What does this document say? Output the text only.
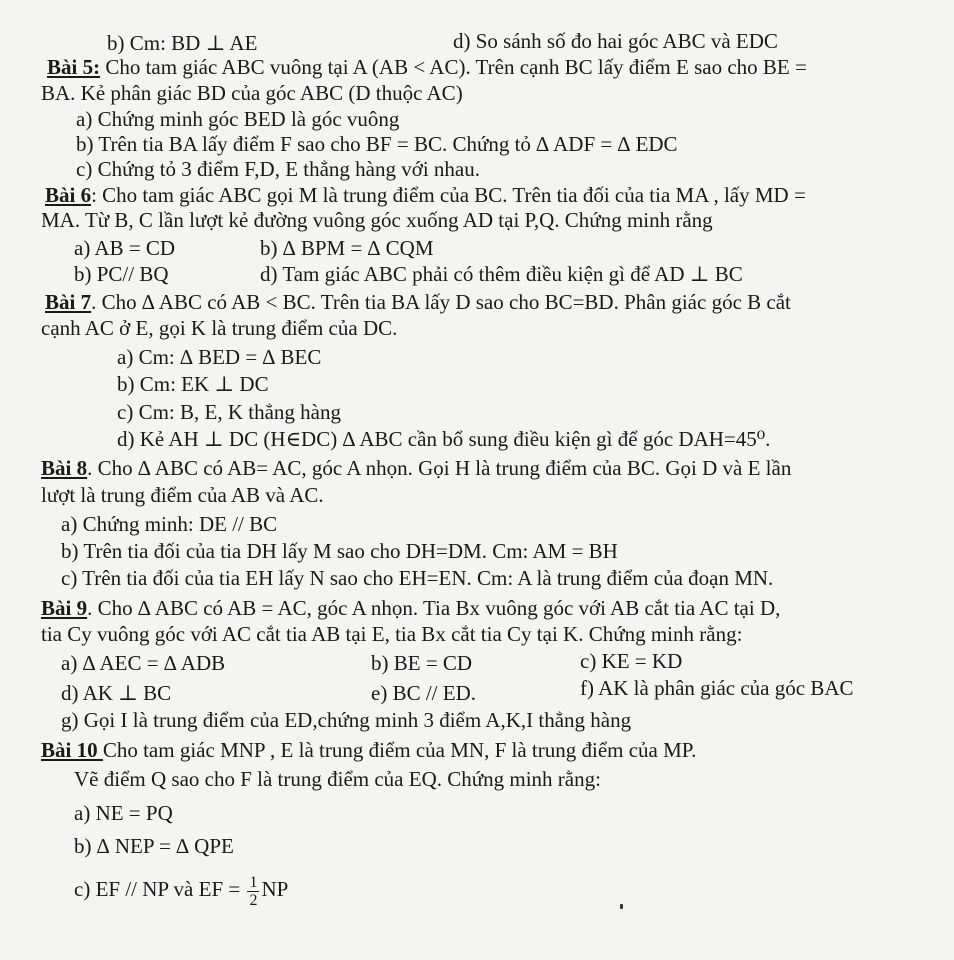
b) Cm: BD ⊥ AE	d) So sánh số đo hai góc ABC và EDC
Bài 5: Cho tam giác ABC vuông tại A (AB < AC). Trên cạnh BC lấy điểm E sao cho BE =
BA. Kẻ phân giác BD của góc ABC (D thuộc AC)
a) Chứng minh góc BED là góc vuông
b) Trên tia BA lấy điểm F sao cho BF = BC. Chứng tỏ ∆ ADF = ∆ EDC
c) Chứng tỏ 3 điểm F,D, E thẳng hàng với nhau.
Bài 6: Cho tam giác ABC gọi M là trung điểm của BC. Trên tia đối của tia MA , lấy MD =
MA. Từ B, C lần lượt kẻ đường vuông góc xuống AD tại P,Q. Chứng minh rằng
a) AB = CD	b) ∆ BPM = ∆ CQM
b) PC// BQ	d) Tam giác ABC phải có thêm điều kiện gì để AD ⊥ BC
Bài 7. Cho ∆ ABC có AB < BC. Trên tia BA lấy D sao cho BC=BD. Phân giác góc B cắt
cạnh AC ở E, gọi K là trung điểm của DC.
a) Cm: ∆ BED = ∆ BEC
b) Cm: EK ⊥ DC
c) Cm: B, E, K thẳng hàng
d) Kẻ AH ⊥ DC (H∈DC) ∆ ABC cần bổ sung điều kiện gì để góc DAH=45⁰.
Bài 8. Cho ∆ ABC có AB= AC, góc A nhọn. Gọi H là trung điểm của BC. Gọi D và E lần
lượt là trung điểm của AB và AC.
a) Chứng minh: DE // BC
b) Trên tia đối của tia DH lấy M sao cho DH=DM. Cm: AM = BH
c) Trên tia đối của tia EH lấy N sao cho EH=EN. Cm: A là trung điểm của đoạn MN.
Bài 9. Cho ∆ ABC có AB = AC, góc A nhọn. Tia Bx vuông góc với AB cắt tia AC tại D,
tia Cy vuông góc với AC cắt tia AB tại E, tia Bx cắt tia Cy tại K. Chứng minh rằng:
a) ∆ AEC = ∆ ADB	b) BE = CD	c) KE = KD
d) AK ⊥ BC	e) BC // ED.	f) AK là phân giác của góc BAC
g) Gọi I là trung điểm của ED,chứng minh 3 điểm A,K,I thẳng hàng
Bài 10 Cho tam giác MNP , E là trung điểm của MN, F là trung điểm của MP.
Vẽ điểm Q sao cho F là trung điểm của EQ. Chứng minh rằng:
a) NE = PQ
b) ∆ NEP = ∆ QPE
c) EF // NP và EF = $\frac{1}{2}$ NP
